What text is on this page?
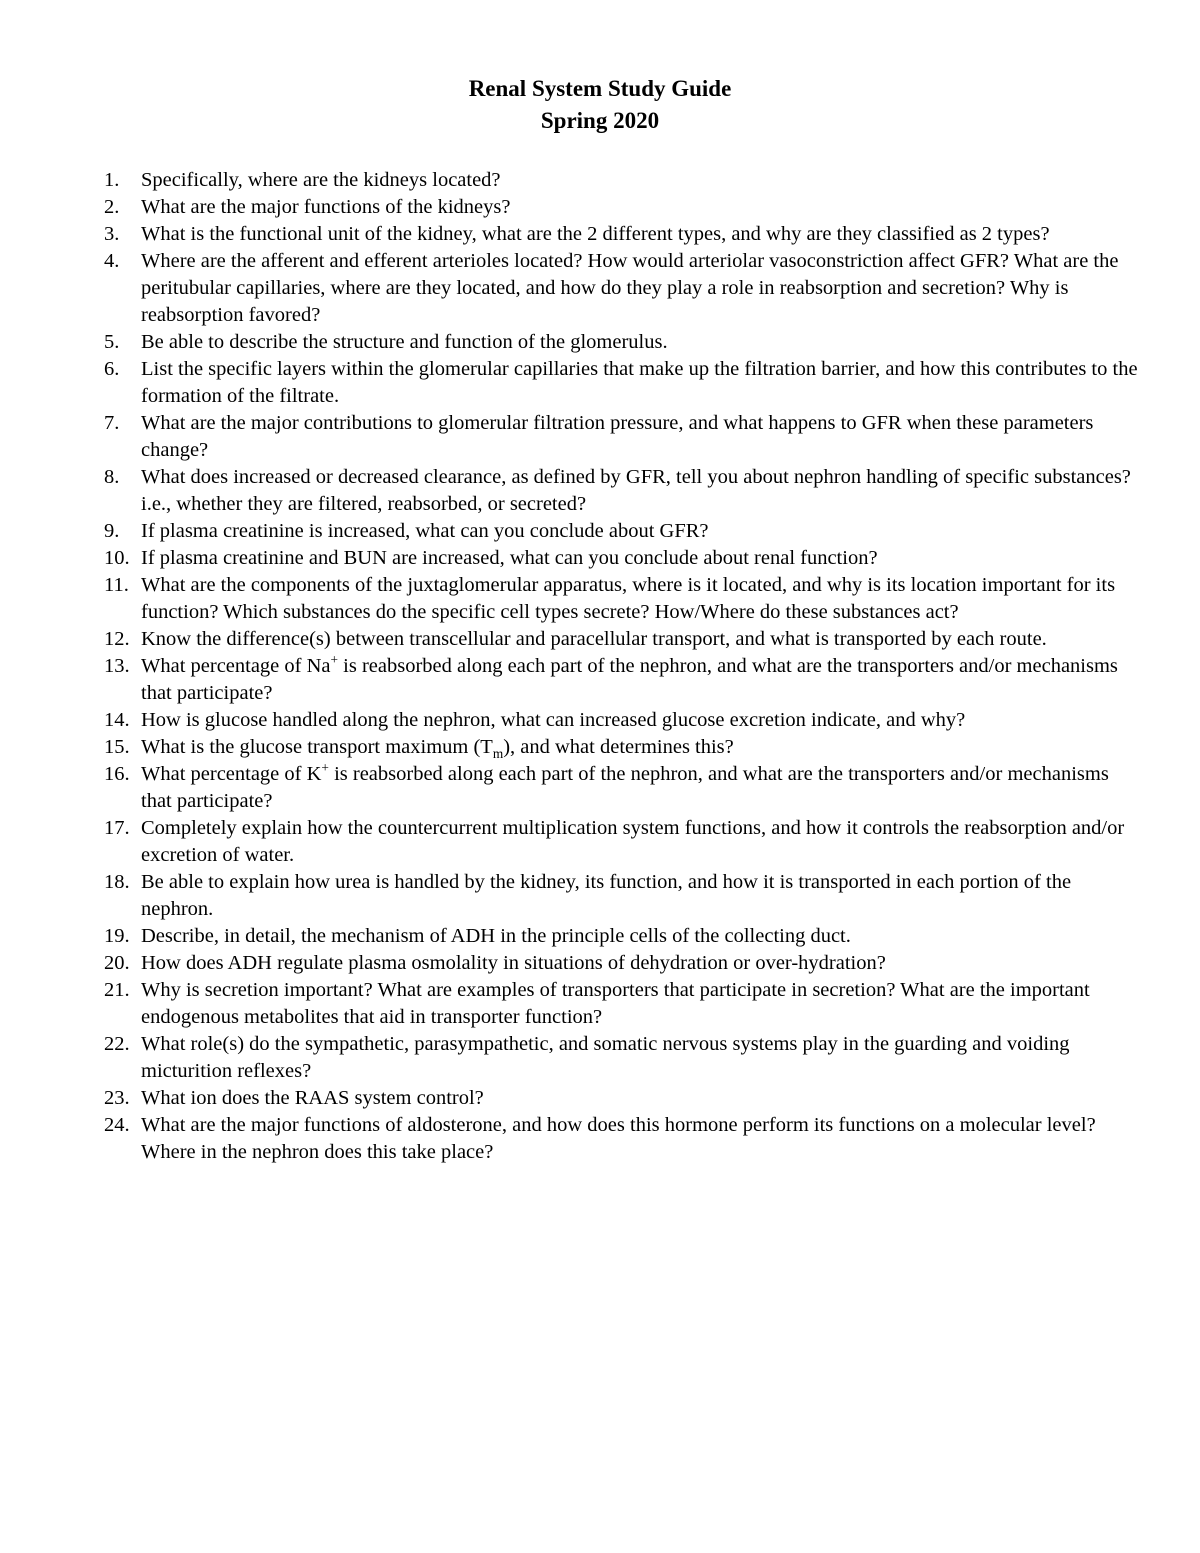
Renal System Study Guide
Spring 2020
1.	Specifically, where are the kidneys located?
2.	What are the major functions of the kidneys?
3.	What is the functional unit of the kidney, what are the 2 different types, and why are they classified as 2 types?
4.	Where are the afferent and efferent arterioles located? How would arteriolar vasoconstriction affect GFR? What are the peritubular capillaries, where are they located, and how do they play a role in reabsorption and secretion? Why is reabsorption favored?
5.	Be able to describe the structure and function of the glomerulus.
6.	List the specific layers within the glomerular capillaries that make up the filtration barrier, and how this contributes to the formation of the filtrate.
7.	What are the major contributions to glomerular filtration pressure, and what happens to GFR when these parameters change?
8.	What does increased or decreased clearance, as defined by GFR, tell you about nephron handling of specific substances? i.e., whether they are filtered, reabsorbed, or secreted?
9.	If plasma creatinine is increased, what can you conclude about GFR?
10. If plasma creatinine and BUN are increased, what can you conclude about renal function?
11. What are the components of the juxtaglomerular apparatus, where is it located, and why is its location important for its function? Which substances do the specific cell types secrete? How/Where do these substances act?
12. Know the difference(s) between transcellular and paracellular transport, and what is transported by each route.
13. What percentage of Na+ is reabsorbed along each part of the nephron, and what are the transporters and/or mechanisms that participate?
14. How is glucose handled along the nephron, what can increased glucose excretion indicate, and why?
15. What is the glucose transport maximum $(T_m)$, and what determines this?
16. What percentage of K+ is reabsorbed along each part of the nephron, and what are the transporters and/or mechanisms that participate?
17. Completely explain how the countercurrent multiplication system functions, and how it controls the reabsorption and/or excretion of water.
18. Be able to explain how urea is handled by the kidney, its function, and how it is transported in each portion of the nephron.
19. Describe, in detail, the mechanism of ADH in the principle cells of the collecting duct.
20. How does ADH regulate plasma osmolality in situations of dehydration or over-hydration?
21. Why is secretion important? What are examples of transporters that participate in secretion? What are the important endogenous metabolites that aid in transporter function?
22. What role(s) do the sympathetic, parasympathetic, and somatic nervous systems play in the guarding and voiding micturition reflexes?
23. What ion does the RAAS system control?
24. What are the major functions of aldosterone, and how does this hormone perform its functions on a molecular level? Where in the nephron does this take place?
